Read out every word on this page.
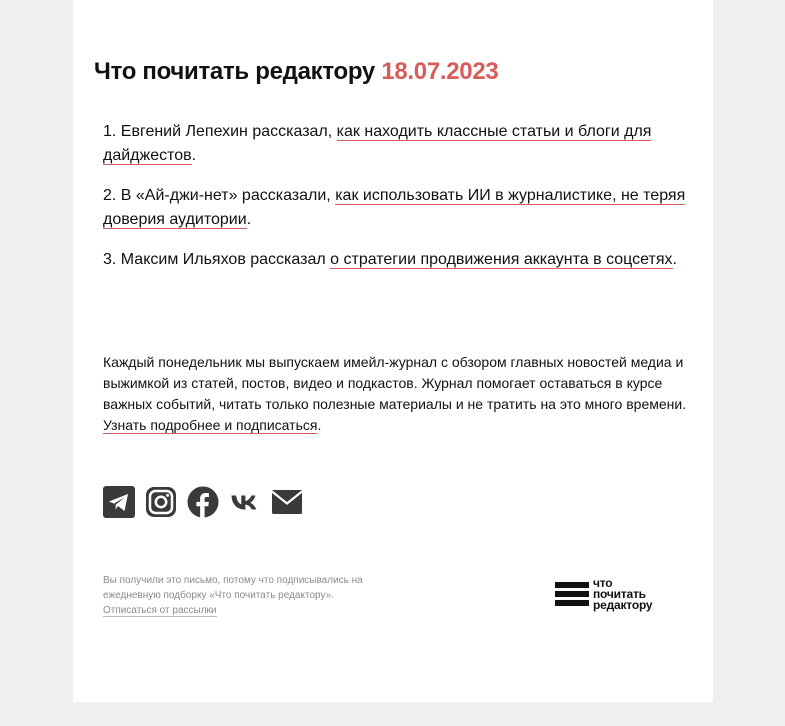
Что почитать редактору 18.07.2023

1. Евгений Лепехин рассказал, как находить классные статьи и блоги для дайджестов.

2. В «Ай-джи-нет» рассказали, как использовать ИИ в журналистике, не теряя доверия аудитории.

3. Максим Ильяхов рассказал о стратегии продвижения аккаунта в соцсетях.

Каждый понедельник мы выпускаем имейл-журнал с обзором главных новостей медиа и выжимкой из статей, постов, видео и подкастов. Журнал помогает оставаться в курсе важных событий, читать только полезные материалы и не тратить на это много времени. Узнать подробнее и подписаться.

Вы получили это письмо, потому что подписывались на ежедневную подборку «Что почитать редактору».
Отписаться от рассылки

что
почитать
редактору
